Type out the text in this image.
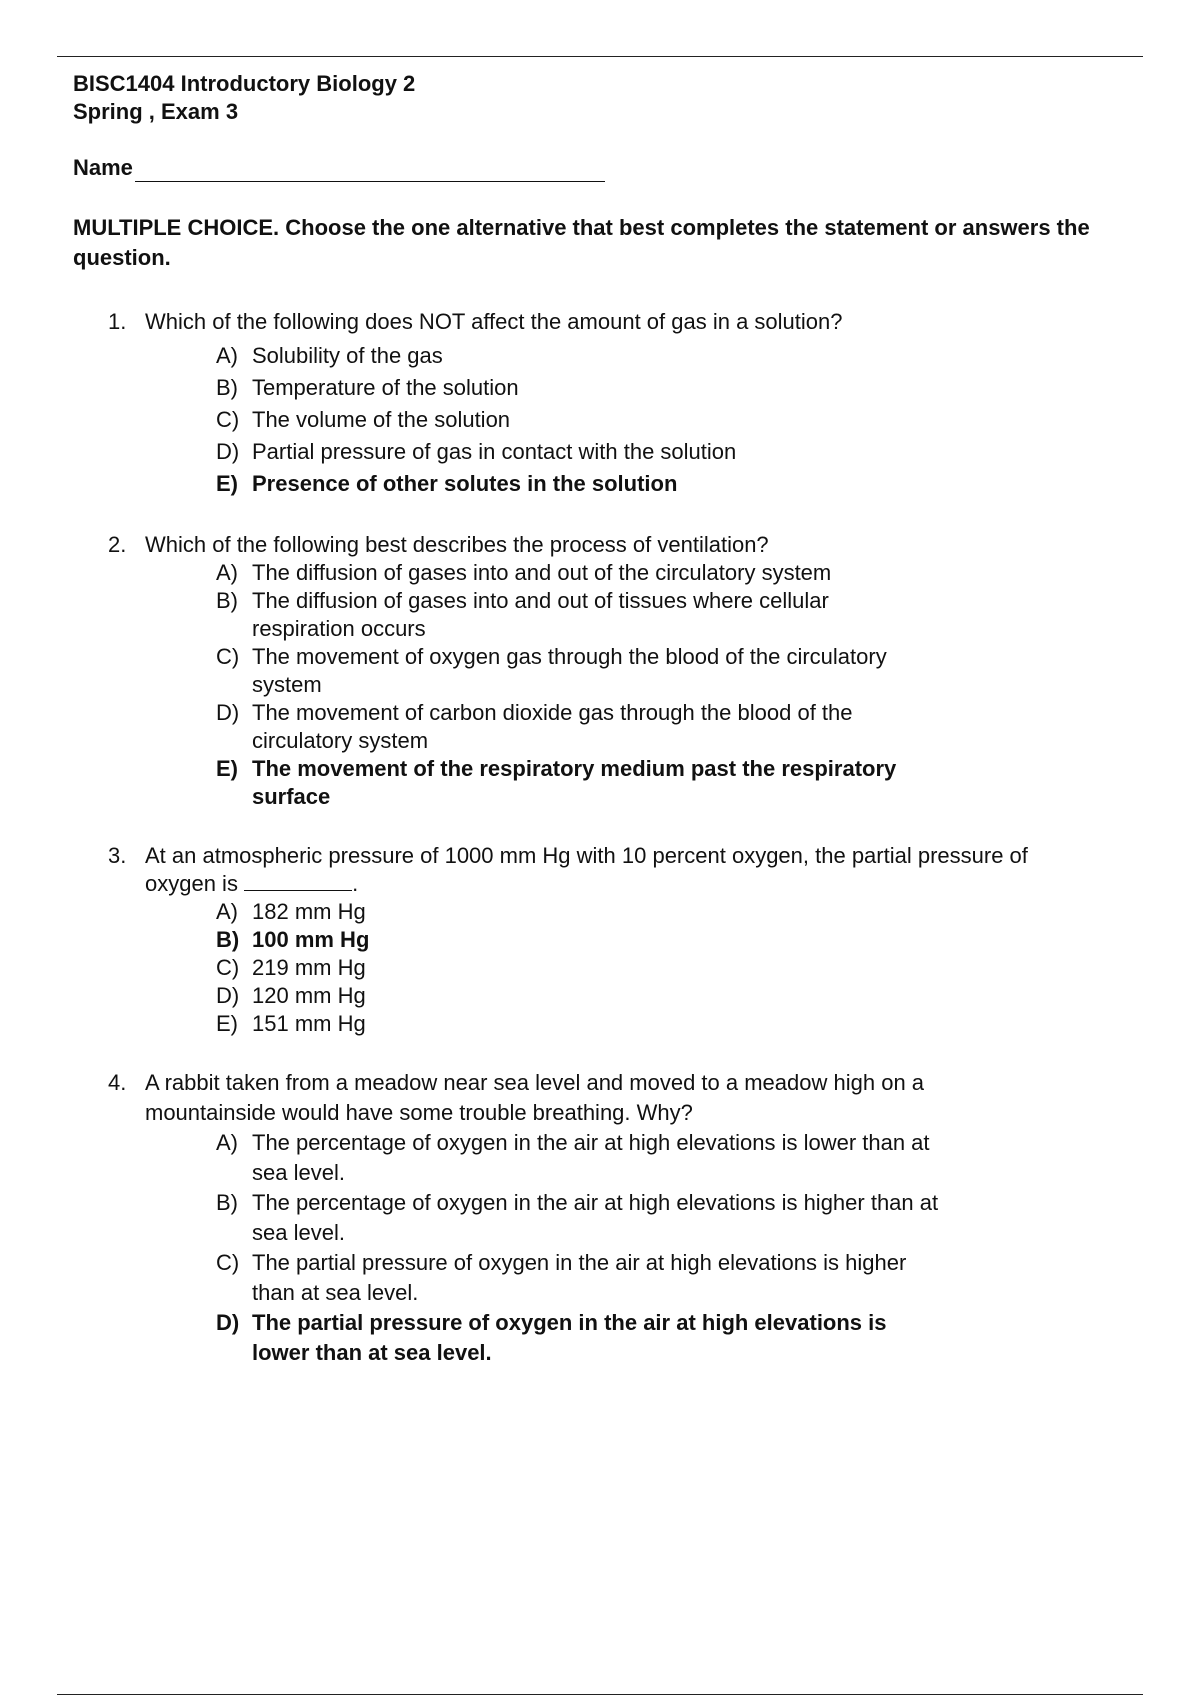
BISC1404 Introductory Biology 2
Spring , Exam 3
Name
MULTIPLE CHOICE. Choose the one alternative that best completes the statement or answers the question.
1. Which of the following does NOT affect the amount of gas in a solution?
A) Solubility of the gas
B) Temperature of the solution
C) The volume of the solution
D) Partial pressure of gas in contact with the solution
E) Presence of other solutes in the solution
2. Which of the following best describes the process of ventilation?
A) The diffusion of gases into and out of the circulatory system
B) The diffusion of gases into and out of tissues where cellular
respiration occurs
C) The movement of oxygen gas through the blood of the circulatory
system
D) The movement of carbon dioxide gas through the blood of the
circulatory system
E) The movement of the respiratory medium past the respiratory
surface
3. At an atmospheric pressure of 1000 mm Hg with 10 percent oxygen, the partial pressure of
oxygen is	.
A) 182 mm Hg
B) 100 mm Hg
C) 219 mm Hg
D) 120 mm Hg
E) 151 mm Hg
4. A rabbit taken from a meadow near sea level and moved to a meadow high on a
mountainside would have some trouble breathing. Why?
A) The percentage of oxygen in the air at high elevations is lower than at
sea level.
B) The percentage of oxygen in the air at high elevations is higher than at
sea level.
C) The partial pressure of oxygen in the air at high elevations is higher
than at sea level.
D) The partial pressure of oxygen in the air at high elevations is
lower than at sea level.
